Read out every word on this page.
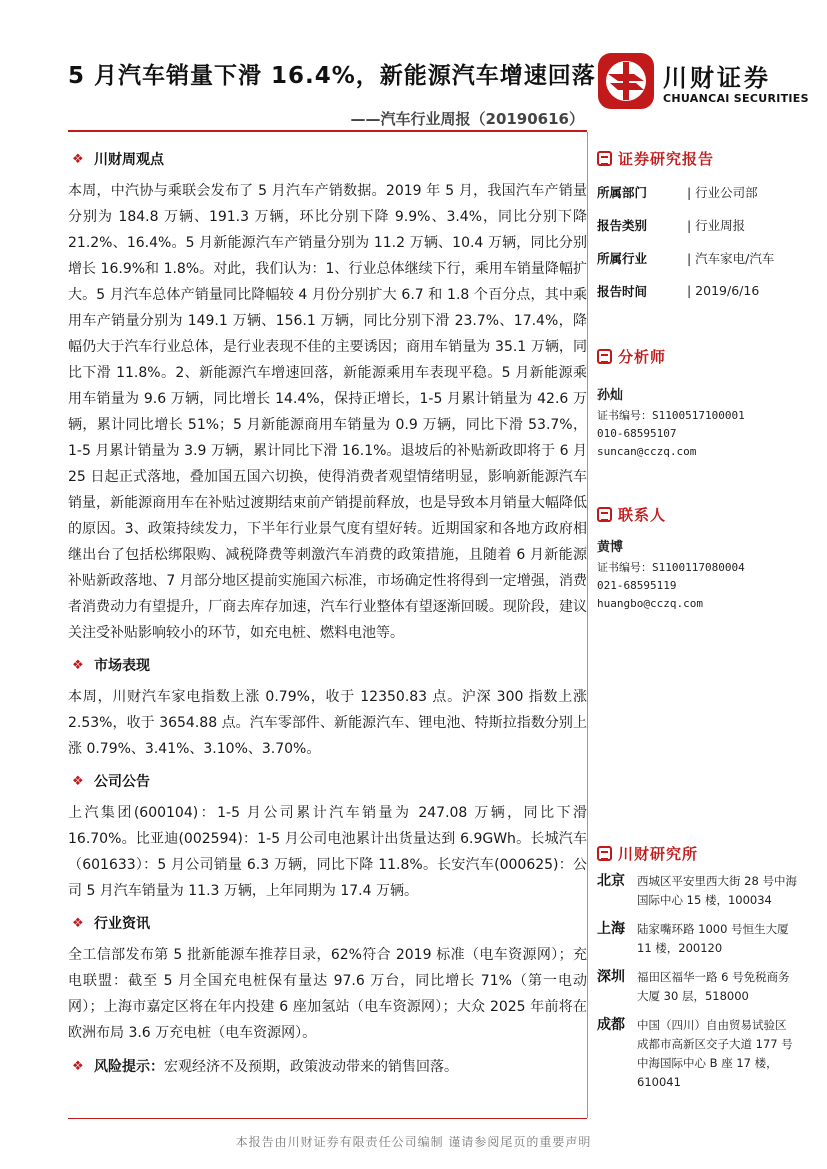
5 月汽车销量下滑 16.4%，新能源汽车增速回落
——汽车行业周报（20190616）
川财证券
CHUANCAI SECURITIES
❖ 川财周观点

本周，中汽协与乘联会发布了 5 月汽车产销数据。2019 年 5 月，我国汽车产销量分别为 184.8 万辆、191.3 万辆，环比分别下降 9.9%、3.4%，同比分别下降 21.2%、16.4%。5 月新能源汽车产销量分别为 11.2 万辆、10.4 万辆，同比分别增长 16.9%和 1.8%。对此，我们认为：1、行业总体继续下行，乘用车销量降幅扩大。5 月汽车总体产销量同比降幅较 4 月份分别扩大 6.7 和 1.8 个百分点，其中乘用车产销量分别为 149.1 万辆、156.1 万辆，同比分别下滑 23.7%、17.4%，降幅仍大于汽车行业总体，是行业表现不佳的主要诱因；商用车销量为 35.1 万辆，同比下滑 11.8%。2、新能源汽车增速回落，新能源乘用车表现平稳。5 月新能源乘用车销量为 9.6 万辆，同比增长 14.4%，保持正增长，1-5 月累计销量为 42.6 万辆，累计同比增长 51%；5 月新能源商用车销量为 0.9 万辆，同比下滑 53.7%，1-5 月累计销量为 3.9 万辆，累计同比下滑 16.1%。退坡后的补贴新政即将于 6 月 25 日起正式落地，叠加国五国六切换，使得消费者观望情绪明显，影响新能源汽车销量，新能源商用车在补贴过渡期结束前产销提前释放，也是导致本月销量大幅降低的原因。3、政策持续发力，下半年行业景气度有望好转。近期国家和各地方政府相继出台了包括松绑限购、减税降费等刺激汽车消费的政策措施，且随着 6 月新能源补贴新政落地、7 月部分地区提前实施国六标准，市场确定性将得到一定增强，消费者消费动力有望提升，厂商去库存加速，汽车行业整体有望逐渐回暖。现阶段，建议关注受补贴影响较小的环节，如充电桩、燃料电池等。

❖ 市场表现

本周，川财汽车家电指数上涨 0.79%，收于 12350.83 点。沪深 300 指数上涨 2.53%，收于 3654.88 点。汽车零部件、新能源汽车、锂电池、特斯拉指数分别上涨 0.79%、3.41%、3.10%、3.70%。

❖ 公司公告

上汽集团(600104)：1-5 月公司累计汽车销量为 247.08 万辆，同比下滑 16.70%。比亚迪(002594)：1-5 月公司电池累计出货量达到 6.9GWh。长城汽车（601633）：5 月公司销量 6.3 万辆，同比下降 11.8%。长安汽车(000625)：公司 5 月汽车销量为 11.3 万辆，上年同期为 17.4 万辆。

❖ 行业资讯

全工信部发布第 5 批新能源车推荐目录，62%符合 2019 标准（电车资源网）；充电联盟：截至 5 月全国充电桩保有量达 97.6 万台，同比增长 71%（第一电动网）；上海市嘉定区将在年内投建 6 座加氢站（电车资源网）；大众 2025 年前将在欧洲布局 3.6 万充电桩（电车资源网）。

❖ 风险提示： 宏观经济不及预期，政策波动带来的销售回落。
证券研究报告
所属部门	| 行业公司部
报告类别	| 行业周报
所属行业	| 汽车家电/汽车
报告时间	| 2019/6/16
分析师
孙灿
证书编号：S1100517100001
010-68595107
suncan@cczq.com
联系人
黄博
证书编号：S1100117080004
021-68595119
huangbo@cczq.com
川财研究所
北京	西城区平安里西大街 28 号中海国际中心 15 楼，100034
上海	陆家嘴环路 1000 号恒生大厦 11 楼，200120
深圳	福田区福华一路 6 号免税商务大厦 30 层，518000
成都	中国（四川）自由贸易试验区成都市高新区交子大道 177 号中海国际中心 B 座 17 楼，610041
本报告由川财证券有限责任公司编制 谨请参阅尾页的重要声明
